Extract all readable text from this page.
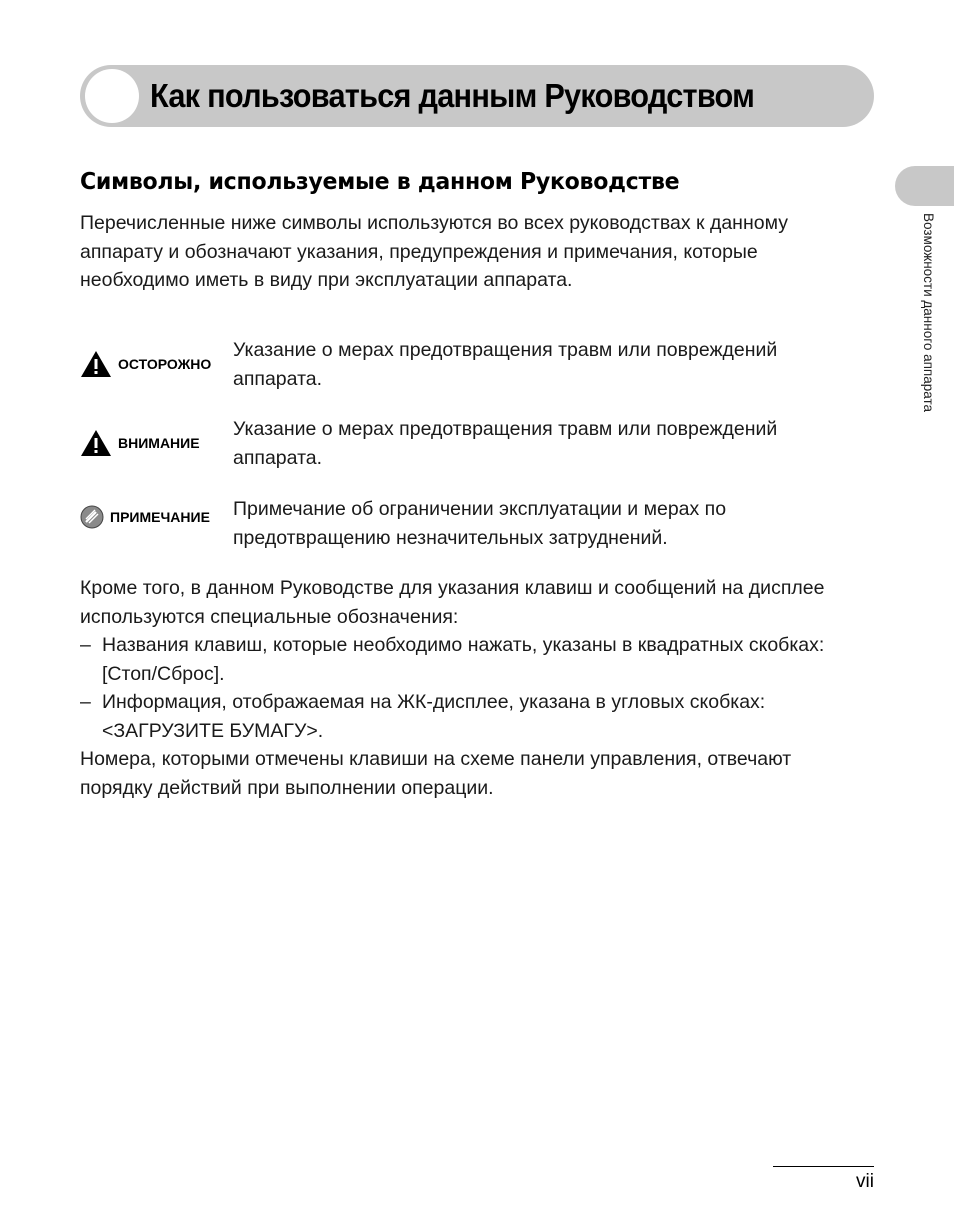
Как пользоваться данным Руководством
Возможности данного аппарата
Символы, используемые в данном Руководстве
Перечисленные ниже символы используются во всех руководствах к данному
аппарату и обозначают указания, предупреждения и примечания, которые
необходимо иметь в виду при эксплуатации аппарата.
ОСТОРОЖНО
Указание о мерах предотвращения травм или повреждений
аппарата.
ВНИМАНИЕ
Указание о мерах предотвращения травм или повреждений
аппарата.
ПРИМЕЧАНИЕ Примечание об ограничении эксплуатации и мерах по
предотвращению незначительных затруднений.
Кроме того, в данном Руководстве для указания клавиш и сообщений на дисплее
используются специальные обозначения:
– Названия клавиш, которые необходимо нажать, указаны в квадратных скобках:
[Стоп/Сброс].
– Информация, отображаемая на ЖК-дисплее, указана в угловых скобках:
<ЗАГРУЗИТЕ БУМАГУ>.
Номера, которыми отмечены клавиши на схеме панели управления, отвечают
порядку действий при выполнении операции.
vii
